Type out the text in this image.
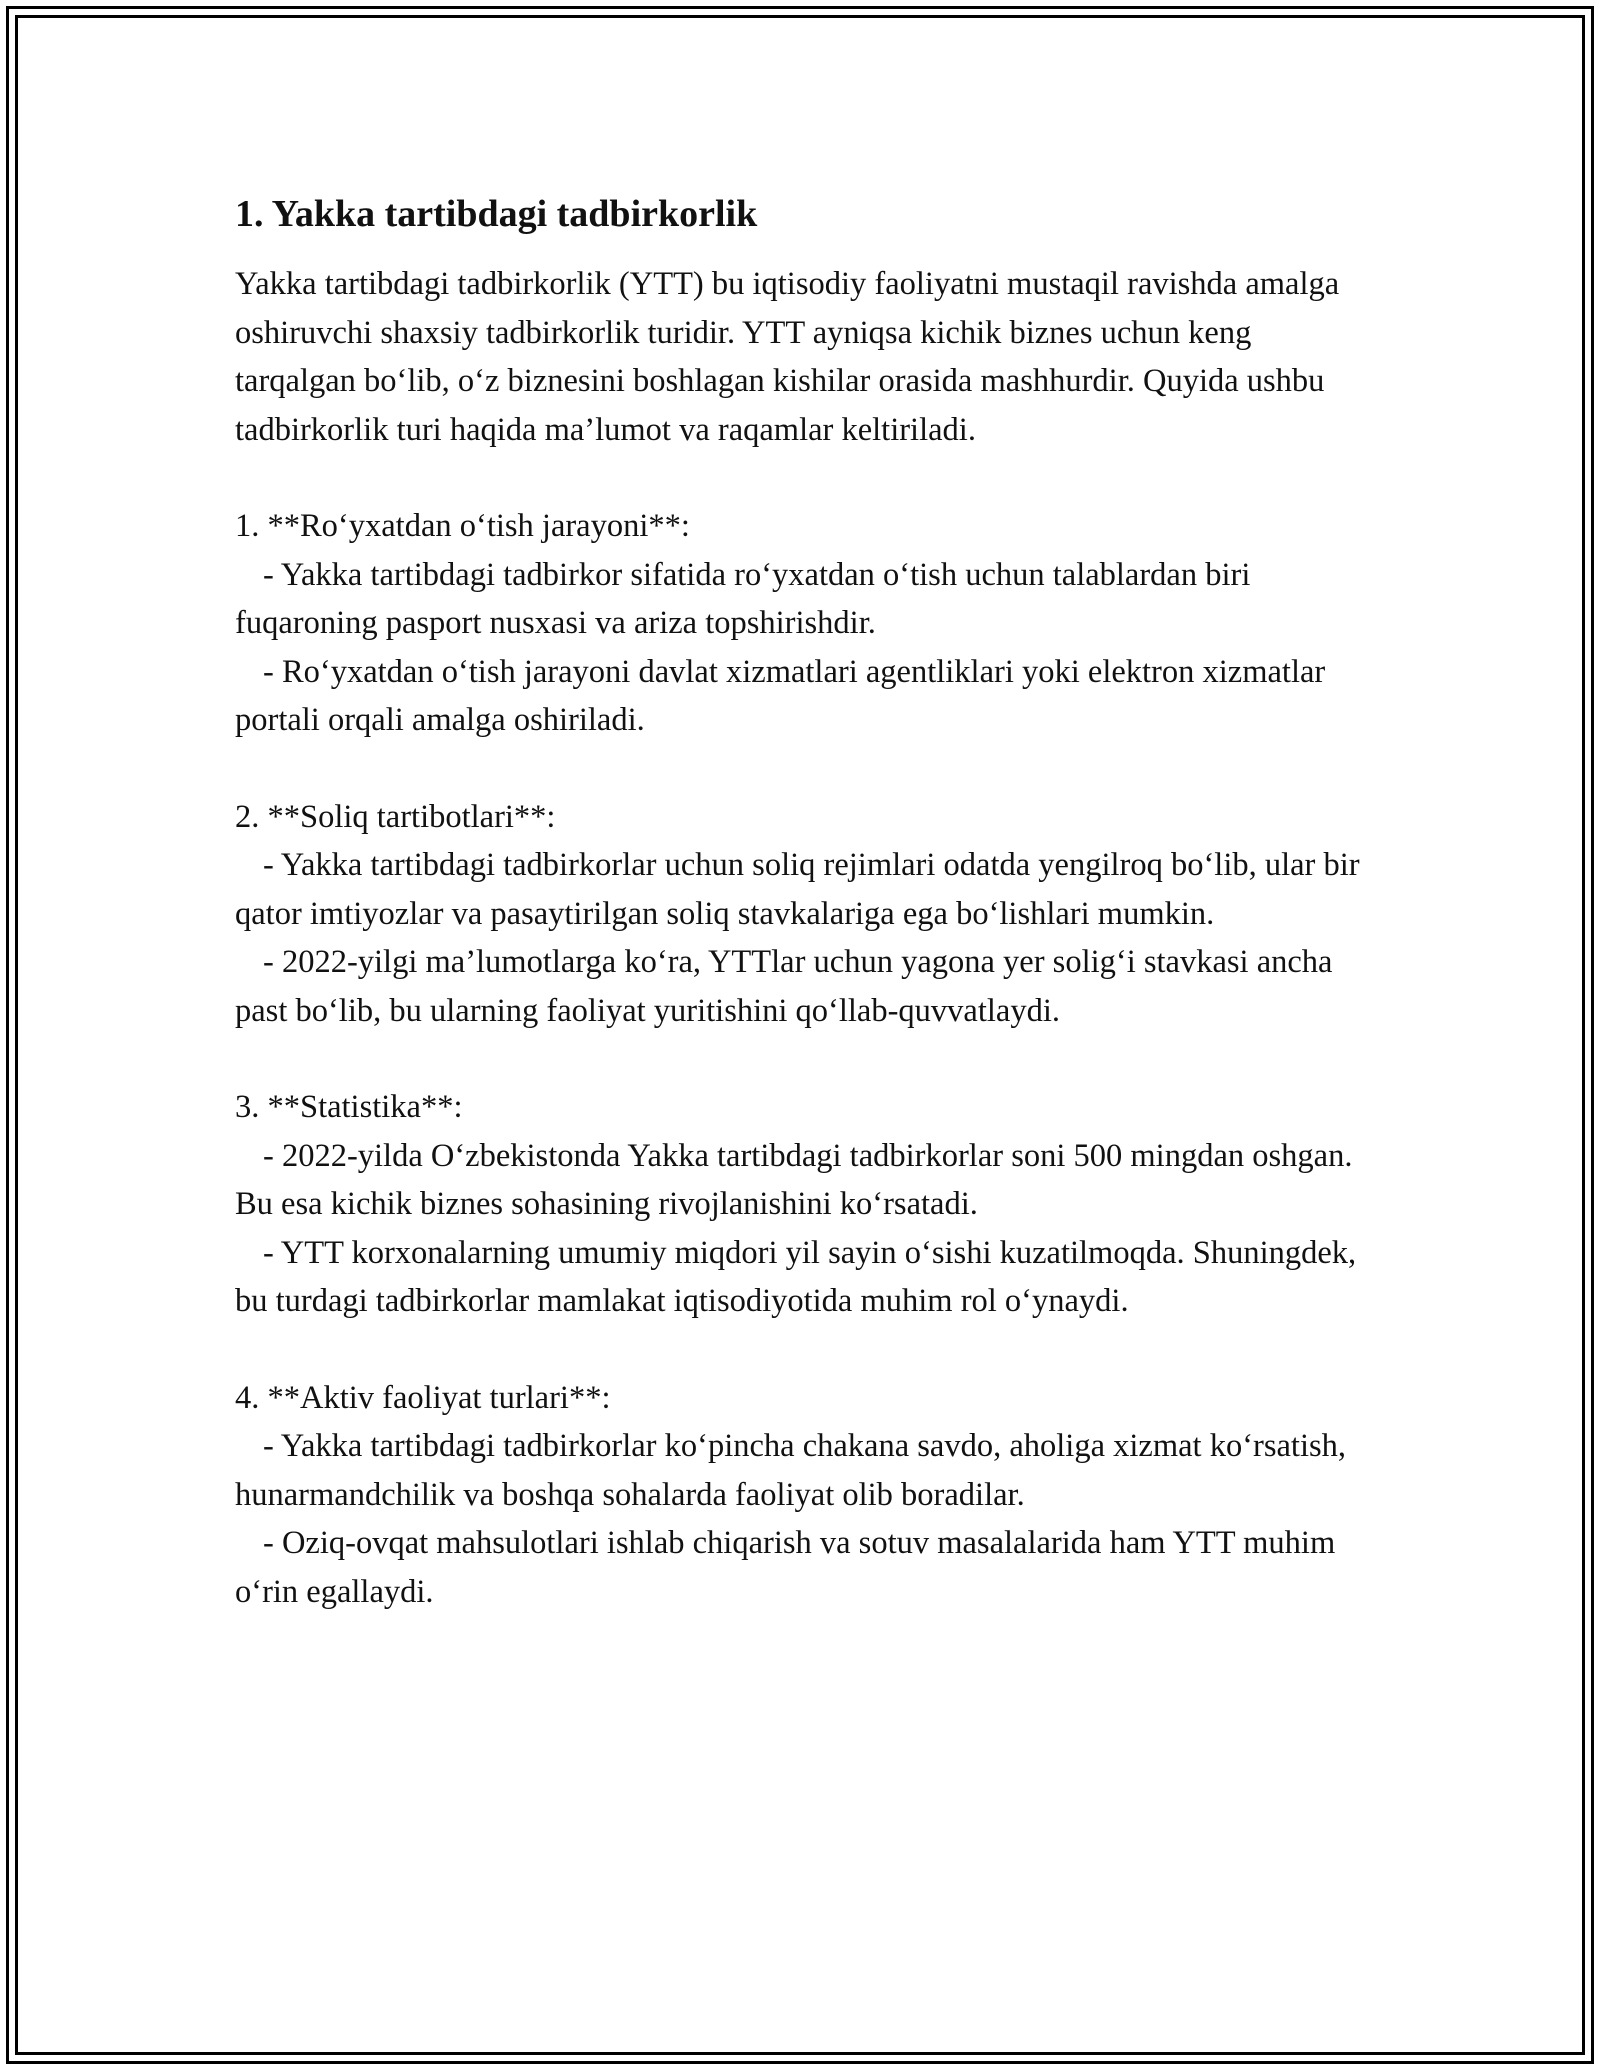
1. Yakka tartibdagi tadbirkorlik

Yakka tartibdagi tadbirkorlik (YTT) bu iqtisodiy faoliyatni mustaqil ravishda amalga oshiruvchi shaxsiy tadbirkorlik turidir. YTT ayniqsa kichik biznes uchun keng tarqalgan bo‘lib, o‘z biznesini boshlagan kishilar orasida mashhurdir. Quyida ushbu tadbirkorlik turi haqida ma’lumot va raqamlar keltiriladi.

1. **Ro‘yxatdan o‘tish jarayoni**:
- Yakka tartibdagi tadbirkor sifatida ro‘yxatdan o‘tish uchun talablardan biri fuqaroning pasport nusxasi va ariza topshirishdir.
- Ro‘yxatdan o‘tish jarayoni davlat xizmatlari agentliklari yoki elektron xizmatlar portali orqali amalga oshiriladi.
2. **Soliq tartibotlari**:
- Yakka tartibdagi tadbirkorlar uchun soliq rejimlari odatda yengilroq bo‘lib, ular bir qator imtiyozlar va pasaytirilgan soliq stavkalariga ega bo‘lishlari mumkin.
- 2022-yilgi ma’lumotlarga ko‘ra, YTTlar uchun yagona yer solig‘i stavkasi ancha past bo‘lib, bu ularning faoliyat yuritishini qo‘llab-quvvatlaydi.
3. **Statistika**:
- 2022-yilda O‘zbekistonda Yakka tartibdagi tadbirkorlar soni 500 mingdan oshgan. Bu esa kichik biznes sohasining rivojlanishini ko‘rsatadi.
- YTT korxonalarning umumiy miqdori yil sayin o‘sishi kuzatilmoqda. Shuningdek, bu turdagi tadbirkorlar mamlakat iqtisodiyotida muhim rol o‘ynaydi.
4. **Aktiv faoliyat turlari**:
- Yakka tartibdagi tadbirkorlar ko‘pincha chakana savdo, aholiga xizmat ko‘rsatish, hunarmandchilik va boshqa sohalarda faoliyat olib boradilar.
- Oziq-ovqat mahsulotlari ishlab chiqarish va sotuv masalalarida ham YTT muhim o‘rin egallaydi.
